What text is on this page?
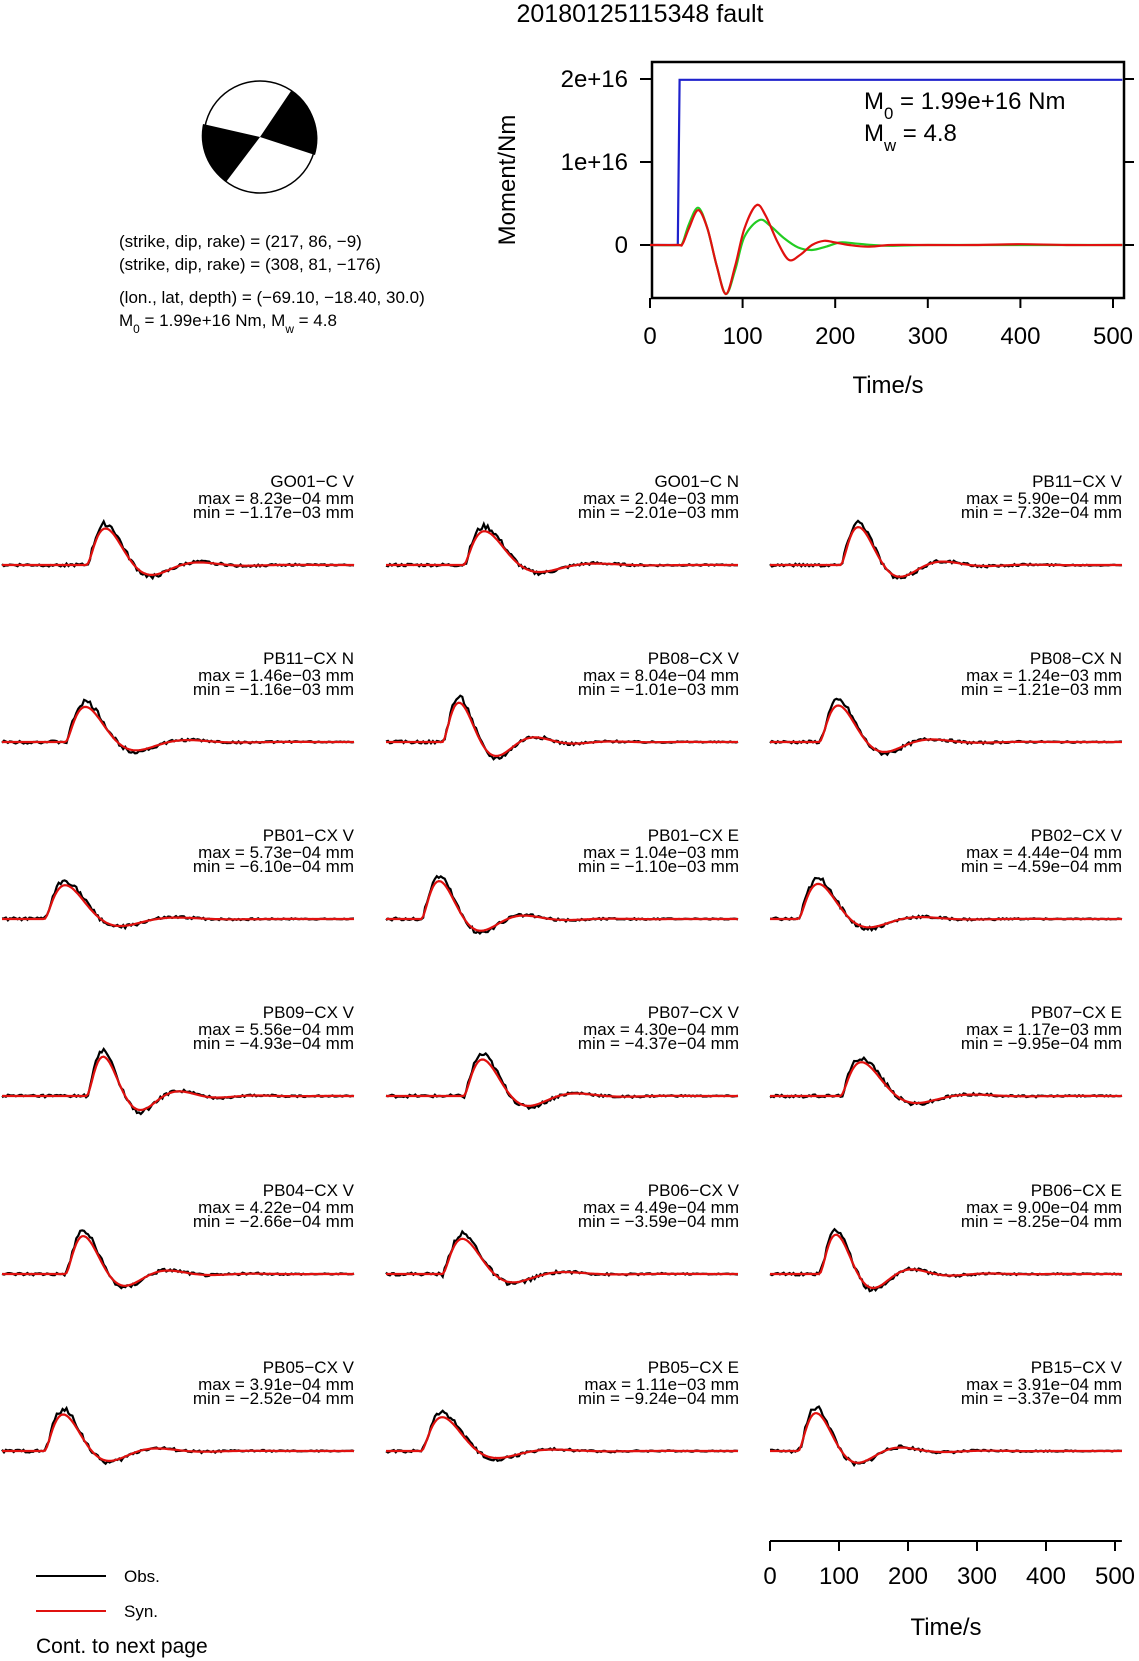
20180125115348 fault
(strike, dip, rake) = (217, 86, −9)
(strike, dip, rake) = (308, 81, −176)
(lon., lat, depth) = (−69.10, −18.40, 30.0)
$M_0 = 1.99e+16$ Nm, $M_w = 4.8$
0
1e+16
2e+16
0	100 200 300 400 500
Moment/Nm
Time/s
$M_0 = 1.99e+16$ Nm
$M_w = 4.8$
GO01−C V
max = 8.23e−04 mm
min = −1.17e−03 mm
GO01−C N
max = 2.04e−03 mm
min = −2.01e−03 mm
PB11−CX V
max = 5.90e−04 mm
min = −7.32e−04 mm
PB11−CX N
max = 1.46e−03 mm
min = −1.16e−03 mm
PB08−CX V
max = 8.04e−04 mm
min = −1.01e−03 mm
PB08−CX N
max = 1.24e−03 mm
min = −1.21e−03 mm
PB01−CX V
max = 5.73e−04 mm
min = −6.10e−04 mm
PB01−CX E
max = 1.04e−03 mm
min = −1.10e−03 mm
PB02−CX V
max = 4.44e−04 mm
min = −4.59e−04 mm
PB09−CX V
max = 5.56e−04 mm
min = −4.93e−04 mm
PB07−CX V
max = 4.30e−04 mm
min = −4.37e−04 mm
PB07−CX E
max = 1.17e−03 mm
min = −9.95e−04 mm
PB04−CX V
max = 4.22e−04 mm
min = −2.66e−04 mm
PB06−CX V
max = 4.49e−04 mm
min = −3.59e−04 mm
PB06−CX E
max = 9.00e−04 mm
min = −8.25e−04 mm
PB05−CX V
max = 3.91e−04 mm
min = −2.52e−04 mm
PB05−CX E
max = 1.11e−03 mm
min = −9.24e−04 mm
PB15−CX V
max = 3.91e−04 mm
min = −3.37e−04 mm
0 100 200 300 400 500
Time/s
Obs.
Syn.
Cont. to next page
